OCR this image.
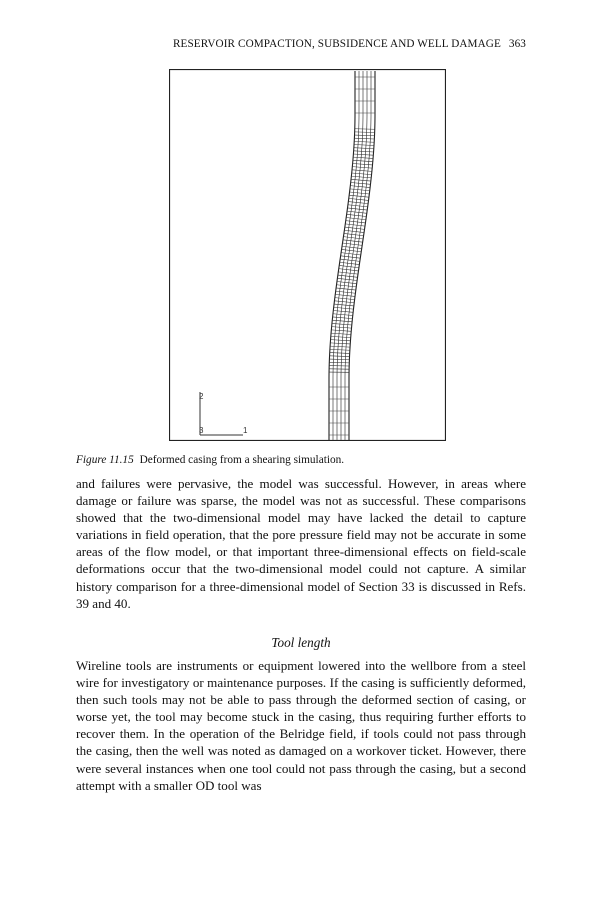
RESERVOIR COMPACTION, SUBSIDENCE AND WELL DAMAGE 363
2
3	1
Figure 11.15 Deformed casing from a shearing simulation.

and failures were pervasive, the model was successful. However, in areas where damage or failure was sparse, the model was not as successful. These comparisons showed that the two-dimensional model may have lacked the detail to capture variations in field operation, that the pore pressure field may not be accurate in some areas of the flow model, or that important three-dimensional effects on field-scale deformations occur that the two-dimensional model could not capture. A similar history comparison for a three-dimensional model of Section 33 is discussed in Refs. 39 and 40.

Tool length

Wireline tools are instruments or equipment lowered into the wellbore from a steel wire for investigatory or maintenance purposes. If the casing is sufficiently deformed, then such tools may not be able to pass through the deformed section of casing, or worse yet, the tool may become stuck in the casing, thus requiring further efforts to recover them. In the operation of the Belridge field, if tools could not pass through the casing, then the well was noted as damaged on a workover ticket. However, there were several instances when one tool could not pass through the casing, but a second attempt with a smaller OD tool was
